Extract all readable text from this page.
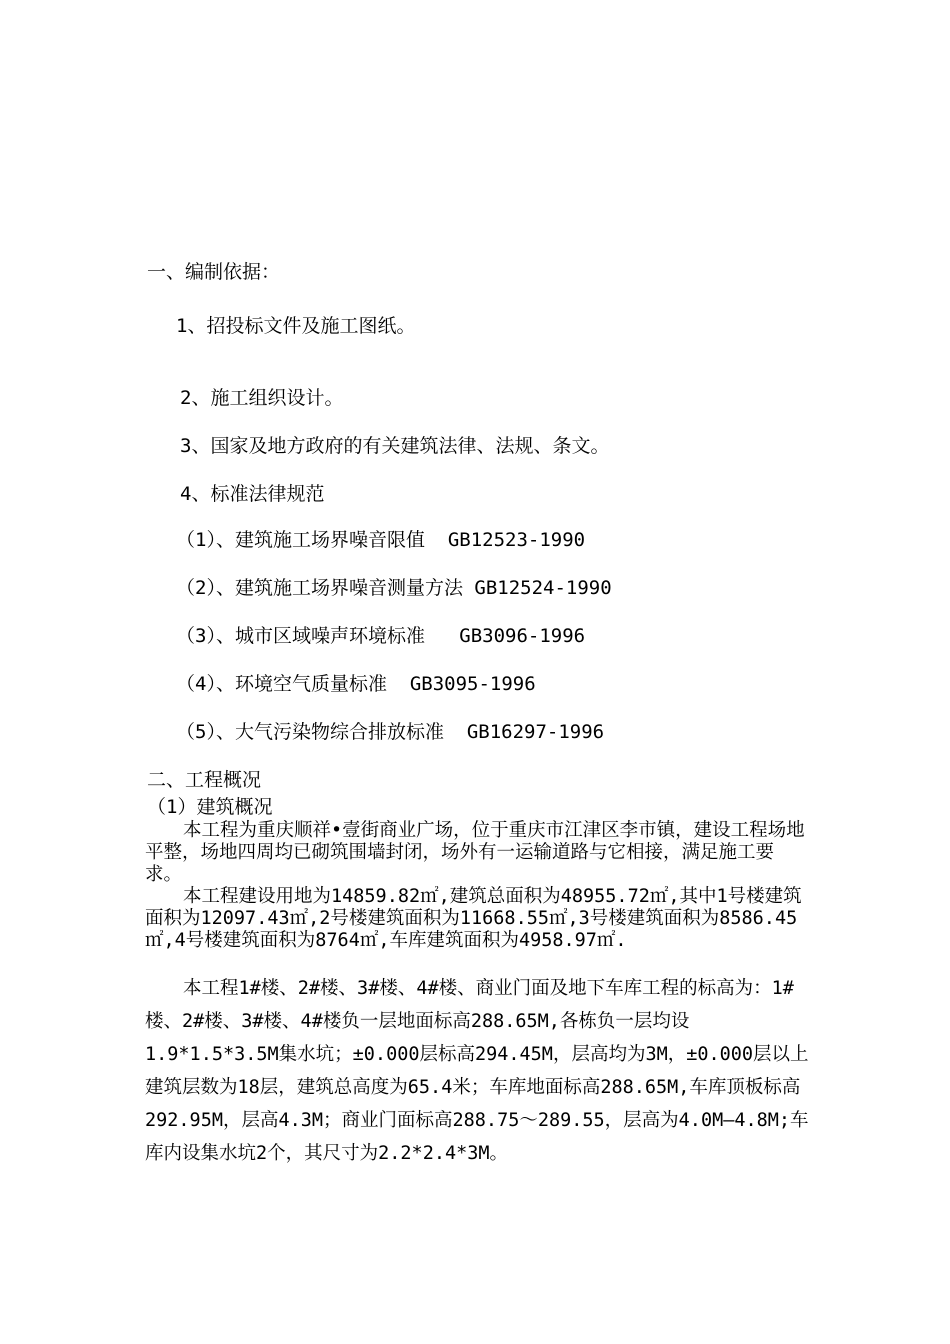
一、编制依据：
1、招投标文件及施工图纸。
2、施工组织设计。
3、国家及地方政府的有关建筑法律、法规、条文。
4、标准法律规范
（1）、建筑施工场界噪音限值  GB12523-1990
（2）、建筑施工场界噪音测量方法 GB12524-1990
（3）、城市区域噪声环境标准   GB3096-1996
（4）、环境空气质量标准  GB3095-1996
（5）、大气污染物综合排放标准  GB16297-1996
二、工程概况
（1）建筑概况

本工程为重庆顺祥•壹街商业广场，位于重庆市江津区李市镇，建设工程场地平整，场地四周均已砌筑围墙封闭，场外有一运输道路与它相接，满足施工要求。

本工程建设用地为14859.82㎡,建筑总面积为48955.72㎡,其中1号楼建筑面积为12097.43㎡,2号楼建筑面积为11668.55㎡,3号楼建筑面积为8586.45㎡,4号楼建筑面积为8764㎡,车库建筑面积为4958.97㎡.

本工程1#楼、2#楼、3#楼、4#楼、商业门面及地下车库工程的标高为：1#楼、2#楼、3#楼、4#楼负一层地面标高288.65M,各栋负一层均设1.9*1.5*3.5M集水坑；±0.000层标高294.45M，层高均为3M，±0.000层以上建筑层数为18层，建筑总高度为65.4米；车库地面标高288.65M,车库顶板标高292.95M，层高4.3M；商业门面标高288.75～289.55，层高为4.0M—4.8M;车库内设集水坑2个，其尺寸为2.2*2.4*3M。
